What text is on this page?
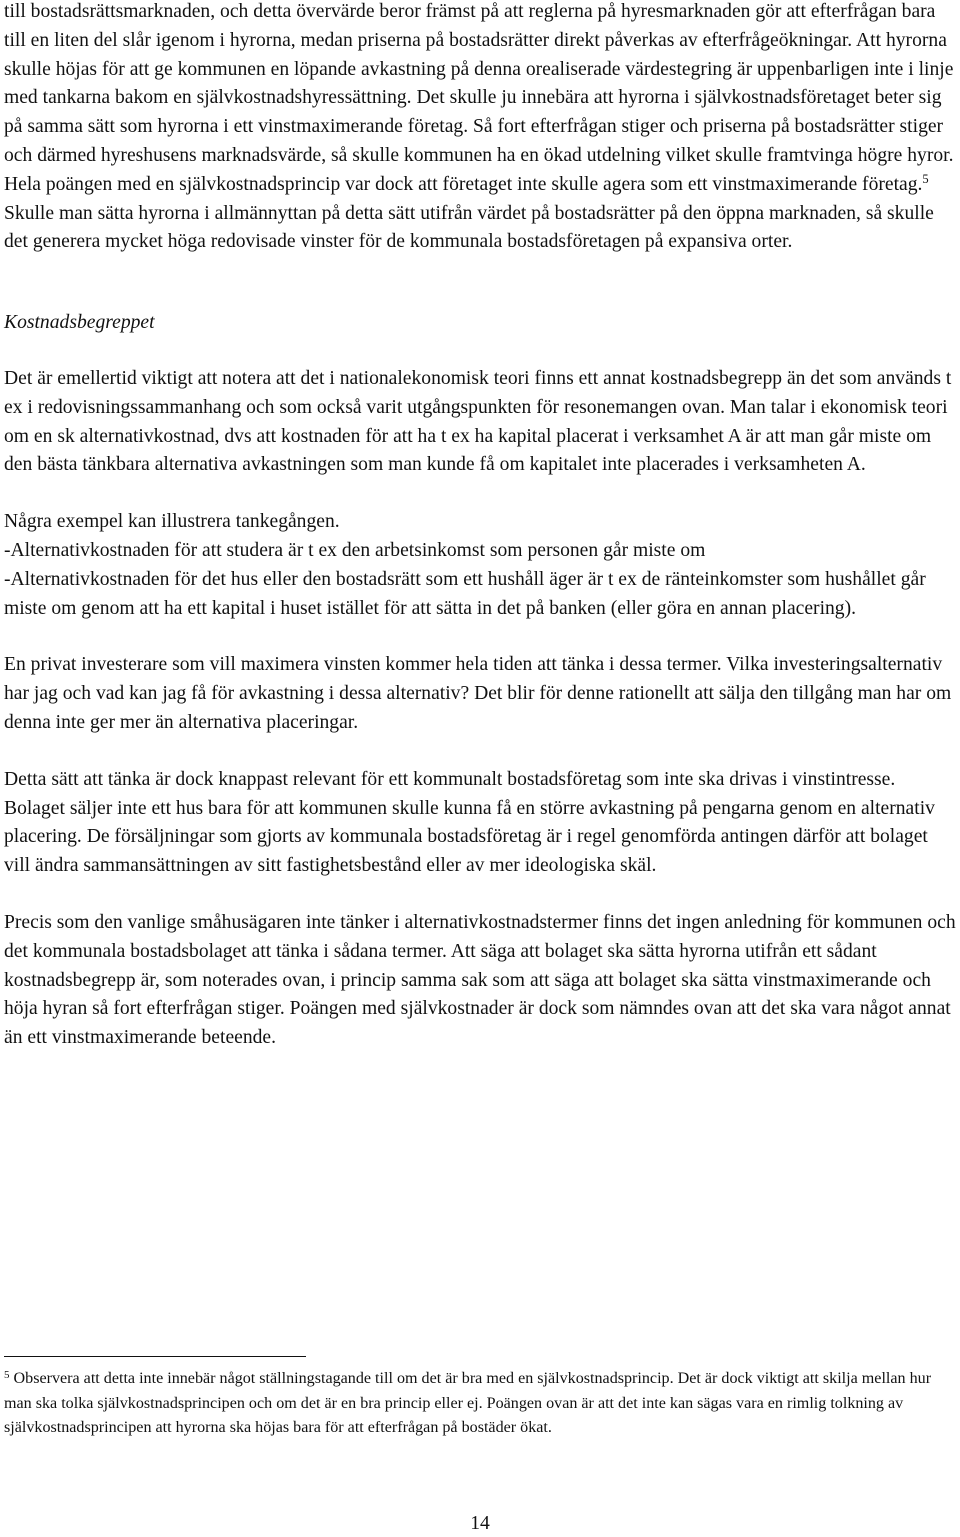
till bostadsrättsmarknaden, och detta övervärde beror främst på att reglerna på hyresmarknaden gör att efterfrågan bara till en liten del slår igenom i hyrorna, medan priserna på bostadsrätter direkt påverkas av efterfrågeökningar. Att hyrorna skulle höjas för att ge kommunen en löpande avkastning på denna orealiserade värdestegring är uppenbarligen inte i linje med tankarna bakom en självkostnadshyressättning. Det skulle ju innebära att hyrorna i självkostnadsföretaget beter sig på samma sätt som hyrorna i ett vinstmaximerande företag. Så fort efterfrågan stiger och priserna på bostadsrätter stiger och därmed hyreshusens marknadsvärde, så skulle kommunen ha en ökad utdelning vilket skulle framtvinga högre hyror. Hela poängen med en självkostnadsprincip var dock att företaget inte skulle agera som ett vinstmaximerande företag.$^5$ Skulle man sätta hyrorna i allmännyttan på detta sätt utifrån värdet på bostadsrätter på den öppna marknaden, så skulle det generera mycket höga redovisade vinster för de kommunala bostadsföretagen på expansiva orter.

Kostnadsbegreppet

Det är emellertid viktigt att notera att det i nationalekonomisk teori finns ett annat kostnadsbegrepp än det som används t ex i redovisningssammanhang och som också varit utgångspunkten för resonemangen ovan. Man talar i ekonomisk teori om en sk alternativkostnad, dvs att kostnaden för att ha t ex ha kapital placerat i verksamhet A är att man går miste om den bästa tänkbara alternativa avkastningen som man kunde få om kapitalet inte placerades i verksamheten A.

Några exempel kan illustrera tankegången.

-Alternativkostnaden för att studera är t ex den arbetsinkomst som personen går miste om

-Alternativkostnaden för det hus eller den bostadsrätt som ett hushåll äger är t ex de ränteinkomster som hushållet går miste om genom att ha ett kapital i huset istället för att sätta in det på banken (eller göra en annan placering).

En privat investerare som vill maximera vinsten kommer hela tiden att tänka i dessa termer. Vilka investeringsalternativ har jag och vad kan jag få för avkastning i dessa alternativ? Det blir för denne rationellt att sälja den tillgång man har om denna inte ger mer än alternativa placeringar.

Detta sätt att tänka är dock knappast relevant för ett kommunalt bostadsföretag som inte ska drivas i vinstintresse. Bolaget säljer inte ett hus bara för att kommunen skulle kunna få en större avkastning på pengarna genom en alternativ placering. De försäljningar som gjorts av kommunala bostadsföretag är i regel genomförda antingen därför att bolaget vill ändra sammansättningen av sitt fastighetsbestånd eller av mer ideologiska skäl.

Precis som den vanlige småhusägaren inte tänker i alternativkostnadstermer finns det ingen anledning för kommunen och det kommunala bostadsbolaget att tänka i sådana termer. Att säga att bolaget ska sätta hyrorna utifrån ett sådant kostnadsbegrepp är, som noterades ovan, i princip samma sak som att säga att bolaget ska sätta vinstmaximerande och höja hyran så fort efterfrågan stiger. Poängen med självkostnader är dock som nämndes ovan att det ska vara något annat än ett vinstmaximerande beteende.

$^5$ Observera att detta inte innebär något ställningstagande till om det är bra med en självkostnadsprincip. Det är dock viktigt att skilja mellan hur man ska tolka självkostnadsprincipen och om det är en bra princip eller ej. Poängen ovan är att det inte kan sägas vara en rimlig tolkning av självkostnadsprincipen att hyrorna ska höjas bara för att efterfrågan på bostäder ökat.
14
